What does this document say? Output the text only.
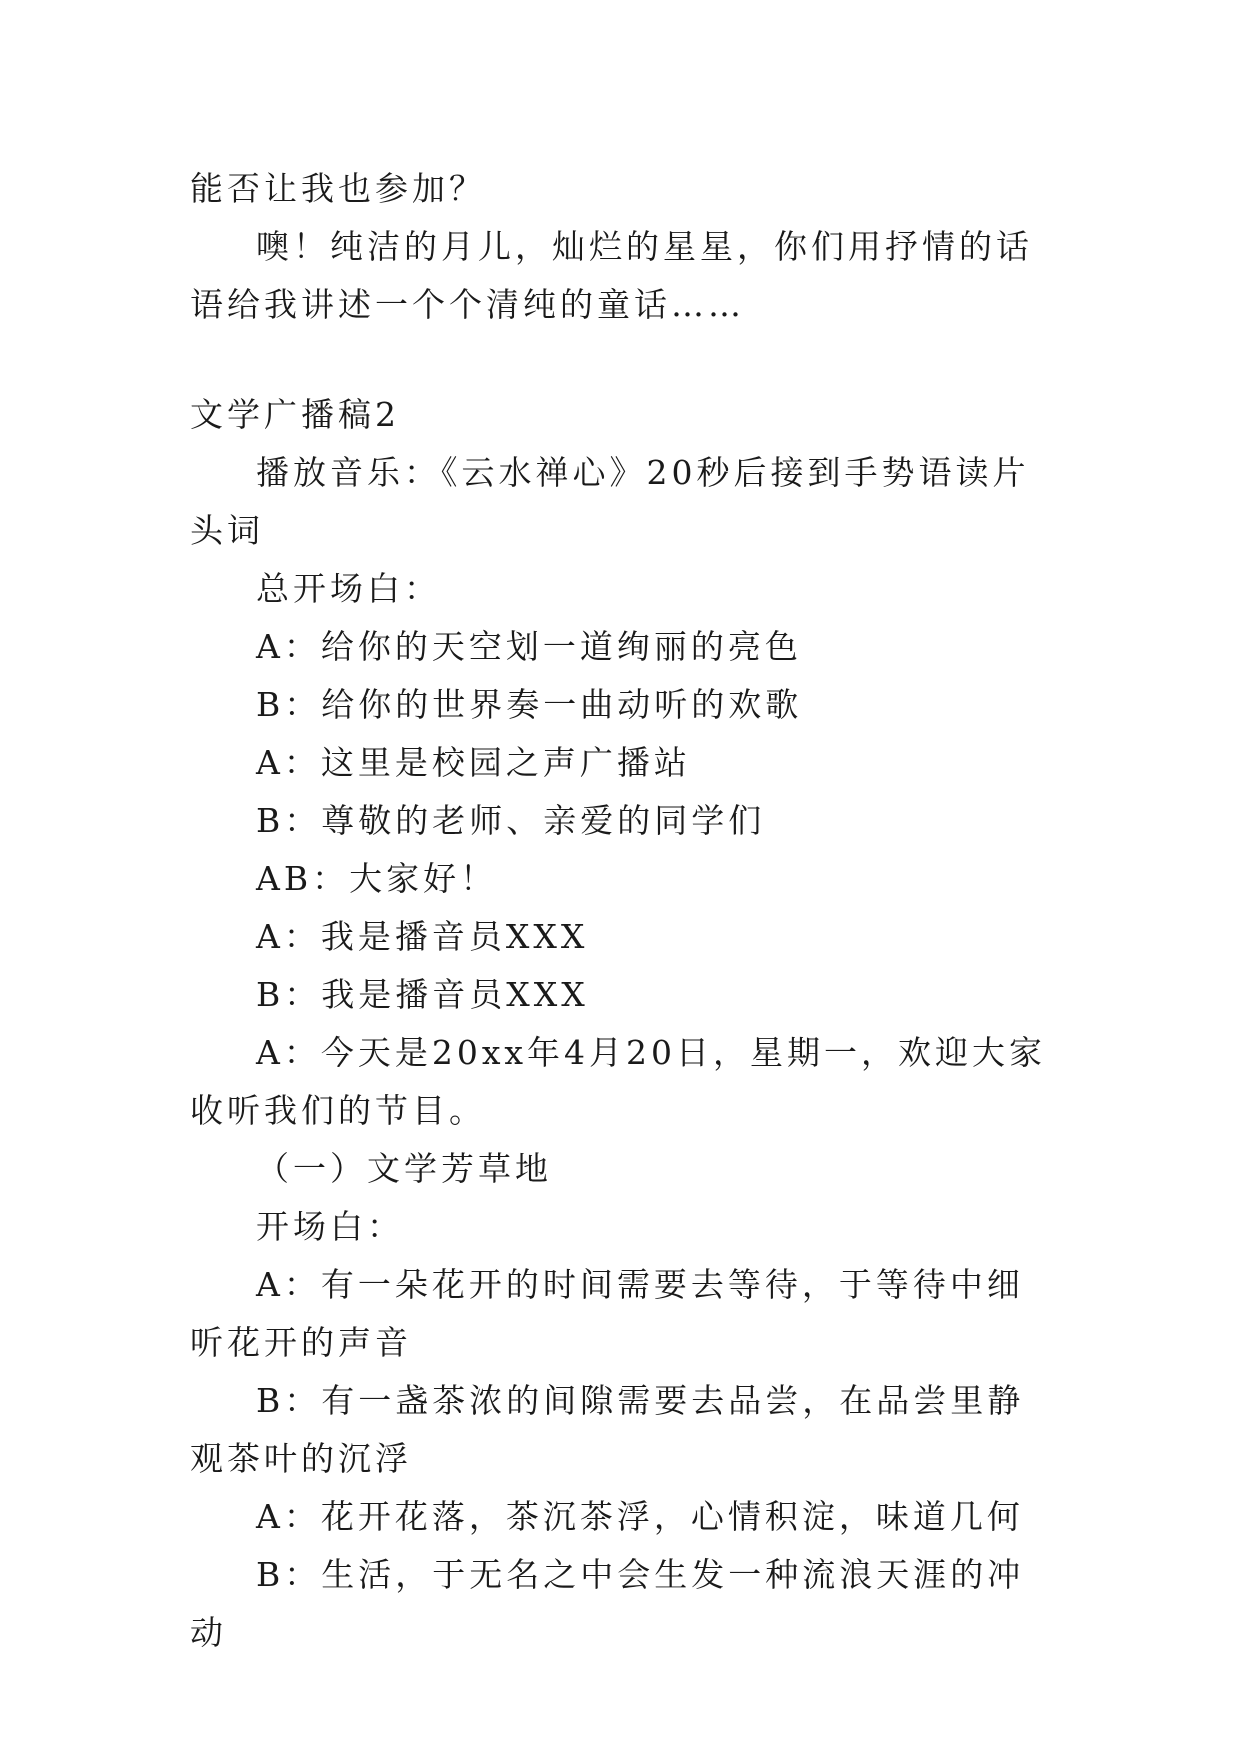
能否让我也参加？

噢！纯洁的月儿，灿烂的星星，你们用抒情的话语给我讲述一个个清纯的童话……

文学广播稿2

播放音乐：《云水禅心》20秒后接到手势语读片头词

总开场白：

A：给你的天空划一道绚丽的亮色

B：给你的世界奏一曲动听的欢歌

A：这里是校园之声广播站

B：尊敬的老师、亲爱的同学们

AB：大家好！

A：我是播音员XXX

B：我是播音员XXX

A：今天是20xx年4月20日，星期一，欢迎大家收听我们的节目。

（一）文学芳草地

开场白：

A：有一朵花开的时间需要去等待，于等待中细听花开的声音

B：有一盏茶浓的间隙需要去品尝，在品尝里静观茶叶的沉浮

A：花开花落，茶沉茶浮，心情积淀，味道几何

B：生活，于无名之中会生发一种流浪天涯的冲动
